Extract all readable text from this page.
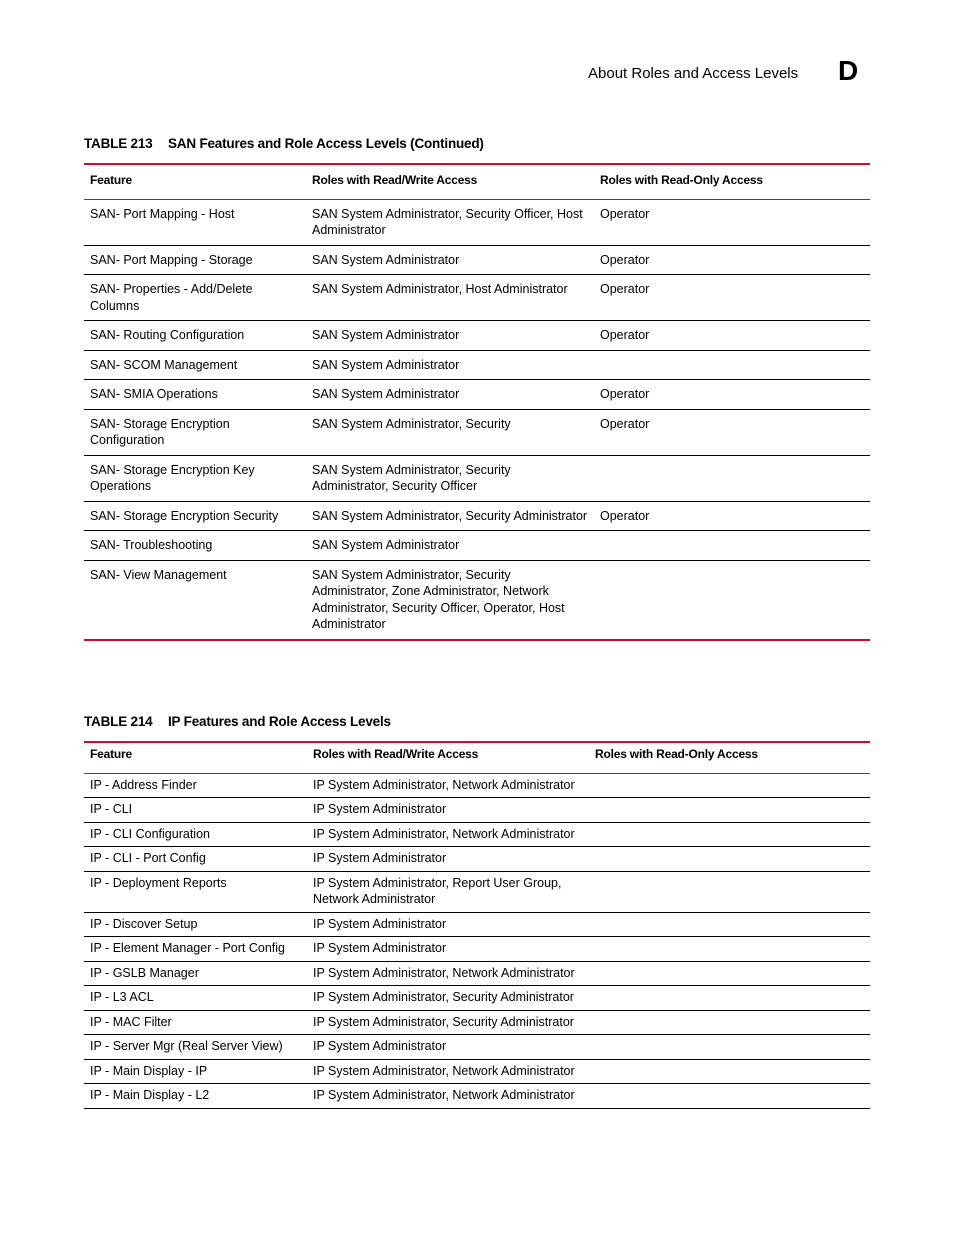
About Roles and Access Levels D
TABLE 213 SAN Features and Role Access Levels (Continued)
Feature	Roles with Read/Write Access	Roles with Read-Only Access
SAN- Port Mapping - Host	SAN System Administrator, Security Officer, Host Administrator	Operator
SAN- Port Mapping - Storage	SAN System Administrator	Operator
SAN- Properties - Add/Delete Columns	SAN System Administrator, Host Administrator	Operator
SAN- Routing Configuration	SAN System Administrator	Operator
SAN- SCOM Management	SAN System Administrator	
SAN- SMIA Operations	SAN System Administrator	Operator
SAN- Storage Encryption Configuration	SAN System Administrator, Security	Operator
SAN- Storage Encryption Key Operations	SAN System Administrator, Security Administrator, Security Officer	
SAN- Storage Encryption Security	SAN System Administrator, Security Administrator	Operator
SAN- Troubleshooting	SAN System Administrator	
SAN- View Management	SAN System Administrator, Security Administrator, Zone Administrator, Network Administrator, Security Officer, Operator, Host Administrator	
TABLE 214 IP Features and Role Access Levels
Feature	Roles with Read/Write Access	Roles with Read-Only Access
IP - Address Finder	IP System Administrator, Network Administrator	
IP - CLI	IP System Administrator	
IP - CLI Configuration	IP System Administrator, Network Administrator	
IP - CLI - Port Config	IP System Administrator	
IP - Deployment Reports	IP System Administrator, Report User Group, Network Administrator	
IP - Discover Setup	IP System Administrator	
IP - Element Manager - Port Config	IP System Administrator	
IP - GSLB Manager	IP System Administrator, Network Administrator	
IP - L3 ACL	IP System Administrator, Security Administrator	
IP - MAC Filter	IP System Administrator, Security Administrator	
IP - Server Mgr (Real Server View)	IP System Administrator	
IP - Main Display - IP	IP System Administrator, Network Administrator	
IP - Main Display - L2	IP System Administrator, Network Administrator	
